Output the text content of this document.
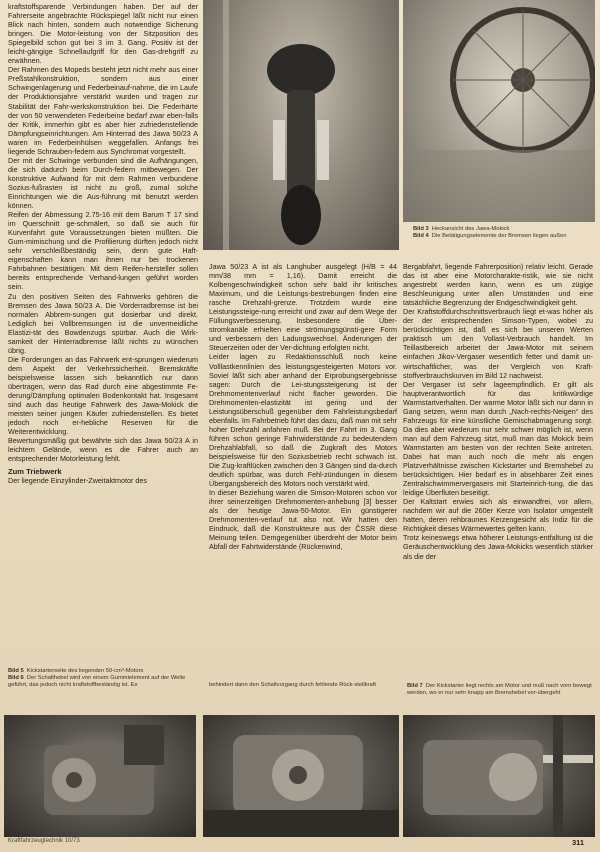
kraftstoffsparende Verbindungen haben. Der auf der Fahrerseite angebrachte Rückspiegel läßt nicht nur einen Blick nach hinten, sondern auch notwendige Sicherung bringen. Die Motor-leistung von der Sitzposition des Spiegelbild schon gut bei 3 im 3. Gang. Positiv ist der leicht-gängige Schnellaufgriff für den Gas-drehgriff zu erwähnen.

Der Rahmen des Mopeds besteht jetzt nicht mehr aus einer Preßstahlkonstruktion, sondern aus einer Schwingenlagerung und Federbeinauf-nahme, die im Laufe der Produktionsjahre verstärkt wurden und tragen zur Stabilität der Fahr-werkskonstruktion bei. Die Federhärte der von 50 verwendeten Federbeine bedarf zwar eben-falls der Kritik, immerhin gibt es aber hier zufriedenstellende Dämpfungseinrichtungen. Am Hinterrad des Jawa 50/23 A waren im Federbeinhülsen weggefallen. Anfangs frei liegende Schrauben-federn aus Synchromat vorgestellt.

Der mit der Schwinge verbunden sind die Aufhängungen, die sich dadurch beim Durch-federn mitbewegen. Der konstruktive Aufwand für mit dem Rahmen verbundene Sozius-fußrasten ist nicht zu groß, zumal solche Einrichtungen wie die Aus-führung mit benutzt werden können.

Reifen der Abmessung 2.75-16 mit dem Barum T 17 sind im Querschnitt ge-schmälert, so daß sie auch für Kurvenfahrt gute Voraussetzungen bieten müßten. Die Gum-mimischung und die Profilierung dürften jedoch nicht sehr verschleißbeständig sein, denn gute Haft-eigenschaften kann man ihnen nur bei trockenen Fahrbahnen bestätigen. Mit dem Reifen-hersteller sollen bereits entsprechende Verhand-lungen geführt worden sein.

Zu den positiven Seiten des Fahrwerks gehören die Bremsen des Jawa 50/23 A. Die Vorderradbremse ist bei normalen Abbrem-sungen gut dosierbar und direkt. Lediglich bei Vollbremsungen ist die unvermeidliche Elastizi-tät des Bowdenzugs spürbar. Auch die Wirk-samkeit der Hinterradbremse läßt nichts zu wünschen übrig.

Die Forderungen an das Fahrwerk ent-sprungen wiederum dem Aspekt der Verkehrssicherheit. Bremskräfte beispielsweise lassen sich bekanntlich nur dann übertragen, wenn das Rad durch eine abgestimmte Fe-derung/Dämpfung optimalen Bodenkontakt hat. Insgesamt sind auch das heutige Fahrwerk des Jawa-Mokick die meisten seiner jungen Käufer zufriedenstellen. Es bietet jedoch noch er-hebliche Reserven für die Weiterentwicklung.

Bewertungsmäßig gut bewährte sich das Jawa 50/23 A in leichtem Gelände, wenn es die Fahrer auch an entsprechender Motorleistung fehlt.

Zum Triebwerk

Der liegende Einzylinder-Zweitaktmotor des

Jawa 50/23 A ist als Langhuber ausgelegt (H/B = 44 mm/38 mm = 1,16). Damit erreicht die Kolbengeschwindigkeit schon sehr bald ihr kritisches Maximum, und die Leistungs-bestrebungen finden eine rasche Drehzahl-grenze. Trotzdem wurde eine Leistungssteige-rung erreicht und zwar auf dem Wege der Füllungsverbesserung. Insbesondere die Über-stromkanäle erhielten eine strömungsgünsti-gere Form und verbessern den Ladungswechsel. Änderungen der Steuerzeiten oder der Ver-dichtung erfolgten nicht.

Leider lagen zu Redaktionsschluß noch keine Volllastkennlinien des leistungsgesteigerten Motors vor. Soviel läßt sich aber anhand der Erprobungsergebnisse sagen: Durch die Lei-stungssteigerung ist der Drehmomentenverlauf nicht flacher geworden. Die Drehmomenten-elastizität ist gering und der Leistungsüberschuß gegenüber dem Fahrleistungsbedarf ebenfalls. Im Fahrbetrieb führt das dazu, daß man mit sehr hoher Drehzahl anfahren muß. Bei der Fahrt im 3. Gang führen schon geringe Fahrwiderstände zu bedeutendem Drehzahlabfall, so daß die Zugkraft des Motors beispielsweise für den Soziusbetrieb recht schwach ist. Die Zug-kraftlücken zwischen den 3 Gängen sind da-durch deutlich spürbar, was durch Fehl-zündungen in diesem Übergangsbereich des Motors noch verstärkt wird.

In dieser Beziehung waren die Simson-Motoren schon vor ihrer seinerzeitigen Drehmomenten-anhebung [3] besser als der heutige Jawa-50-Motor. Ein günstigerer Drehmomenten-verlauf tut also not. Wir hatten den Eindruck, daß die Konstrukteure aus der ČSSR diese Meinung teilen. Demgegenüber überdreht der Motor beim Abfall der Fahrtwiderstände (Rückenwind,

Bergabfahrt, liegende Fahrerposition) relativ leicht. Gerade das ist aber eine Motorcharakte-ristik, wie sie nicht angestrebt werden kann, wenn es um zügige Beschleunigung unter allen Umständen und eine tatsächliche Begrenzung der Endgeschwindigkeit geht.

Der Kraftstoffdurchschnittsverbrauch liegt et-was höher als der der entsprechenden Simson-Typen, wobei zu berücksichtigen ist, daß es sich bei unseren Werten praktisch um den Vollast-Verbrauch handelt. Im Teillastbereich arbeitet der Jawa-Motor mit seinem einfachen Jikov-Vergaser wesentlich fetter und damit un-wirtschaftlicher, was der Vergleich von Kraft-stoffverbrauchskurven im Bild 12 nachweist.

Der Vergaser ist sehr lageempfindlich. Er gilt als hauptverantwortlich für das kritikwürdige Warmstartverhalten. Der warme Motor läßt sich nur dann in Gang setzen, wenn man durch „Nach-rechts-Neigen“ des Fahrzeugs für eine künstliche Gemischabmagerung sorgt. Da dies aber wiederum nur sehr schwer möglich ist, wenn man auf dem Fahrzeug sitzt, muß man das Mokick beim Warmstarten am besten von der rechten Seite antreten. Dabei hat man auch noch die mehr als engen Platzverhältnisse zwischen Kickstarter und Bremshebel zu berücksichtigen. Hier bedarf es in absehbarer Zeit eines Zentralschwimmervergasers mit Starteinrich-tung, die das leidige Überfluten beseitigt.

Der Kaltstart erwies sich als einwandfrei, vor allem, nachdem wir auf die 260er Kerze von Isolator umgestellt hatten, deren rehbraunes Kerzengesicht als Indiz für die Richtigkeit dieses Wärmewertes gelten kann.

Trotz keineswegs etwa höherer Leistungs-entfaltung ist die Geräuschentwicklung des Jawa-Mokicks wesentlich stärker als die der

Bild 3 Heckansicht des Jawa-Mokick
Bild 4 Die Betätigungselemente der Bremsen liegen außen
Bild 5 Kickstarterseite des liegenden 50-cm³-Motors
Bild 6 Der Schalthebel wird von einem Gummielement auf der Welle geführt, das jedoch nicht kraftstoffbeständig ist. Es	behindert dann den Schaltvorgang durch fehlende Rück-stellkraft	Bild 7 Der Kickstarter liegt rechts am Motor und muß nach vorn bewegt werden, wo er nur sehr knapp am Bremshebel vor-übergeht
Kraftfahrzeugtechnik 10/73	311
